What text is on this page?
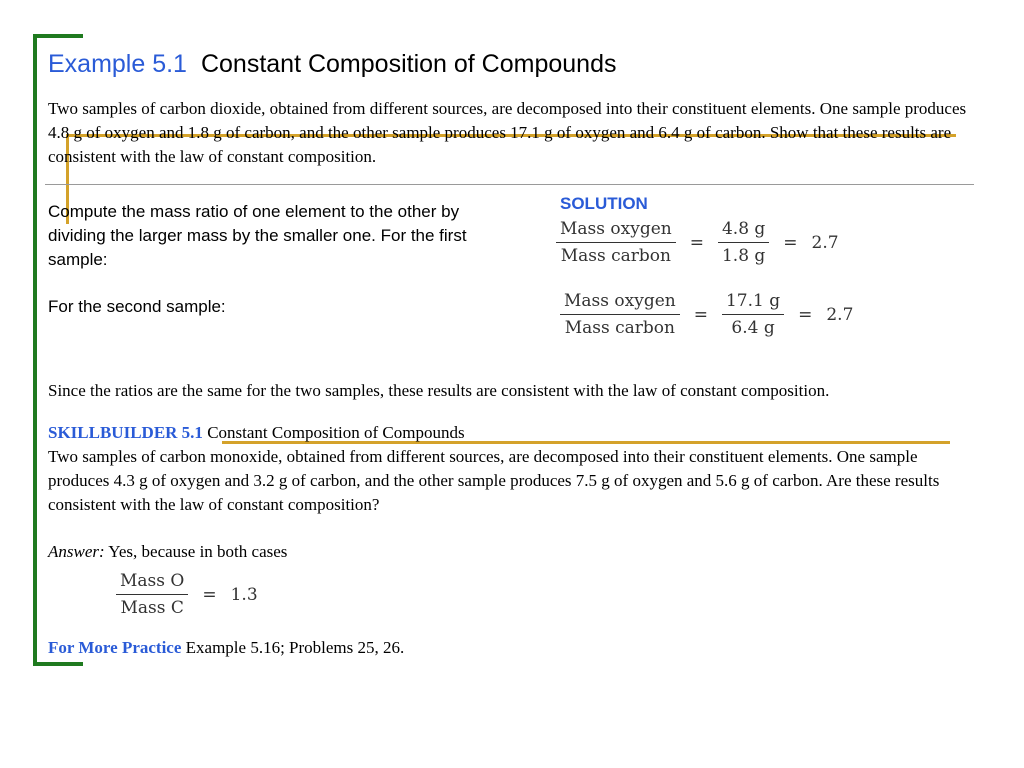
Example 5.1 Constant Composition of Compounds
Two samples of carbon dioxide, obtained from different sources, are decomposed into their constituent elements. One sample produces 4.8 g of oxygen and 1.8 g of carbon, and the other sample produces 17.1 g of oxygen and 6.4 g of carbon. Show that these results are consistent with the law of constant composition.
SOLUTION
Compute the mass ratio of one element to the other by dividing the larger mass by the smaller one. For the first sample:
For the second sample:
$\frac{\text{Mass oxygen}}{\text{Mass carbon}} = \frac{4.8 g}{1.8 g} = 2.7$
$\frac{\text{Mass oxygen}}{\text{Mass carbon}} = \frac{17.1 g}{6.4 g} = 2.7$
Since the ratios are the same for the two samples, these results are consistent with the law of constant composition.
SKILLBUILDER 5.1 Constant Composition of Compounds
Two samples of carbon monoxide, obtained from different sources, are decomposed into their constituent elements. One sample produces 4.3 g of oxygen and 3.2 g of carbon, and the other sample produces 7.5 g of oxygen and 5.6 g of carbon. Are these results consistent with the law of constant composition?
Answer: Yes, because in both cases
$\frac{\text{Mass O}}{\text{Mass C}} = 1.3$
For More Practice Example 5.16; Problems 25, 26.
